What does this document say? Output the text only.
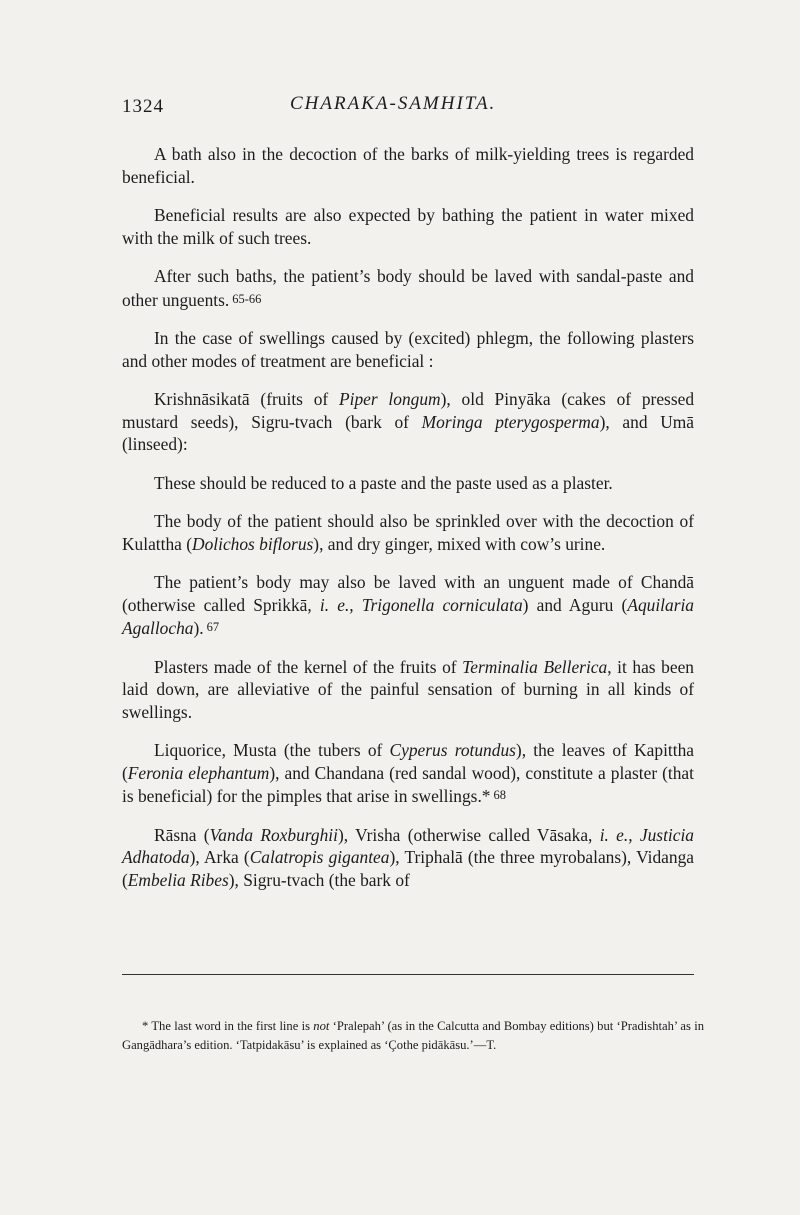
1324	CHARAKA-SAMHITA.

A bath also in the decoction of the barks of milk-yielding trees is regarded beneficial.

Beneficial results are also expected by bathing the patient in water mixed with the milk of such trees.

After such baths, the patient’s body should be laved with sandal-paste and other unguents. 65-66

In the case of swellings caused by (excited) phlegm, the following plasters and other modes of treatment are beneficial :

Krishnāsikatā (fruits of Piper longum), old Pinyāka (cakes of pressed mustard seeds), Sigru-tvach (bark of Moringa pterygosperma), and Umā (linseed):

These should be reduced to a paste and the paste used as a plaster.

The body of the patient should also be sprinkled over with the decoction of Kulattha (Dolichos biflorus), and dry ginger, mixed with cow’s urine.

The patient’s body may also be laved with an unguent made of Chandā (otherwise called Sprikkā, i. e., Trigonella corniculata) and Aguru (Aquilaria Agallocha). 67

Plasters made of the kernel of the fruits of Terminalia Bellerica, it has been laid down, are alleviative of the painful sensation of burning in all kinds of swellings.

Liquorice, Musta (the tubers of Cyperus rotundus), the leaves of Kapittha (Feronia elephantum), and Chandana (red sandal wood), constitute a plaster (that is beneficial) for the pimples that arise in swellings.* 68

Rāsna (Vanda Roxburghii), Vrisha (otherwise called Vāsaka, i. e., Justicia Adhatoda), Arka (Calatropis gigantea), Triphalā (the three myrobalans), Vidanga (Embelia Ribes), Sigru-tvach (the bark of

* The last word in the first line is not ‘Pralepah’ (as in the Calcutta and Bombay editions) but ‘Pradishtah’ as in Gangādhara’s edition. ‘Tatpidakāsu’ is explained as ‘Çothe pidākāsu.’—T.
